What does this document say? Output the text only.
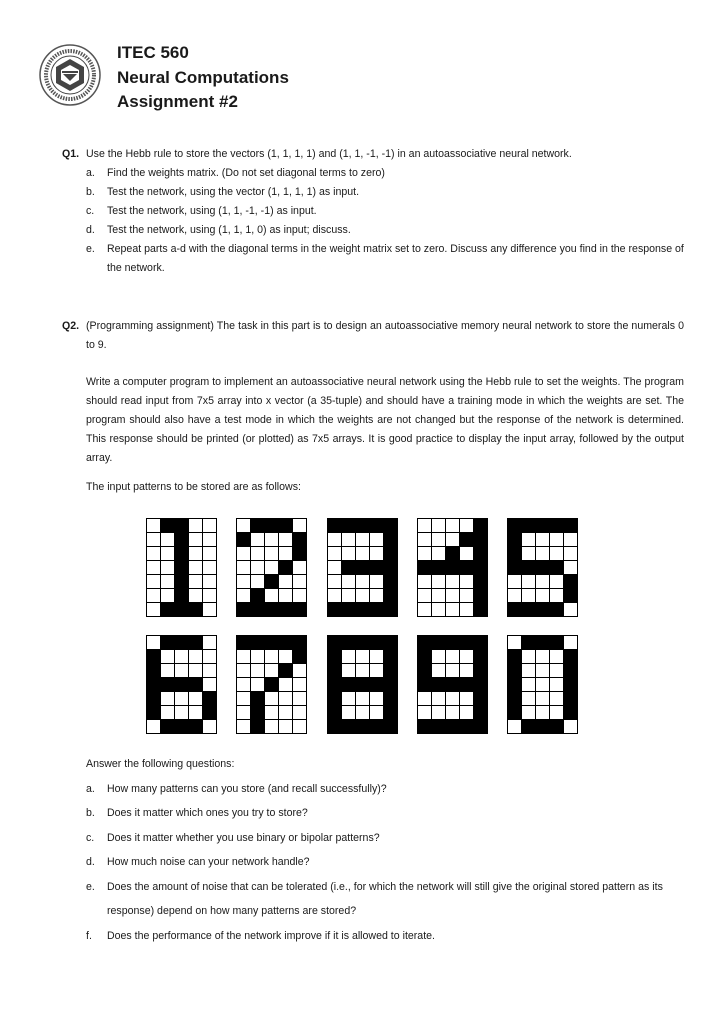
ITEC 560
Neural Computations
Assignment #2
Q1. Use the Hebb rule to store the vectors (1, 1, 1, 1) and (1, 1, -1, -1) in an autoassociative neural network.
a. Find the weights matrix. (Do not set diagonal terms to zero)
b. Test the network, using the vector (1, 1, 1, 1) as input.
c. Test the network, using (1, 1, -1, -1) as input.
d. Test the network, using (1, 1, 1, 0) as input; discuss.
e. Repeat parts a-d with the diagonal terms in the weight matrix set to zero. Discuss any difference you find in the response of the network.
Q2. (Programming assignment) The task in this part is to design an autoassociative memory neural network to store the numerals 0 to 9.
Write a computer program to implement an autoassociative neural network using the Hebb rule to set the weights. The program should read input from 7x5 array into x vector (a 35-tuple) and should have a training mode in which the weights are set. The program should also have a test mode in which the weights are not changed but the response of the network is determined. This response should be printed (or plotted) as 7x5 arrays. It is good practice to display the input array, followed by the output array.
The input patterns to be stored are as follows:
Answer the following questions:
a. How many patterns can you store (and recall successfully)?
b. Does it matter which ones you try to store?
c. Does it matter whether you use binary or bipolar patterns?
d. How much noise can your network handle?
e. Does the amount of noise that can be tolerated (i.e., for which the network will still give the original stored pattern as its response) depend on how many patterns are stored?
f. Does the performance of the network improve if it is allowed to iterate.
